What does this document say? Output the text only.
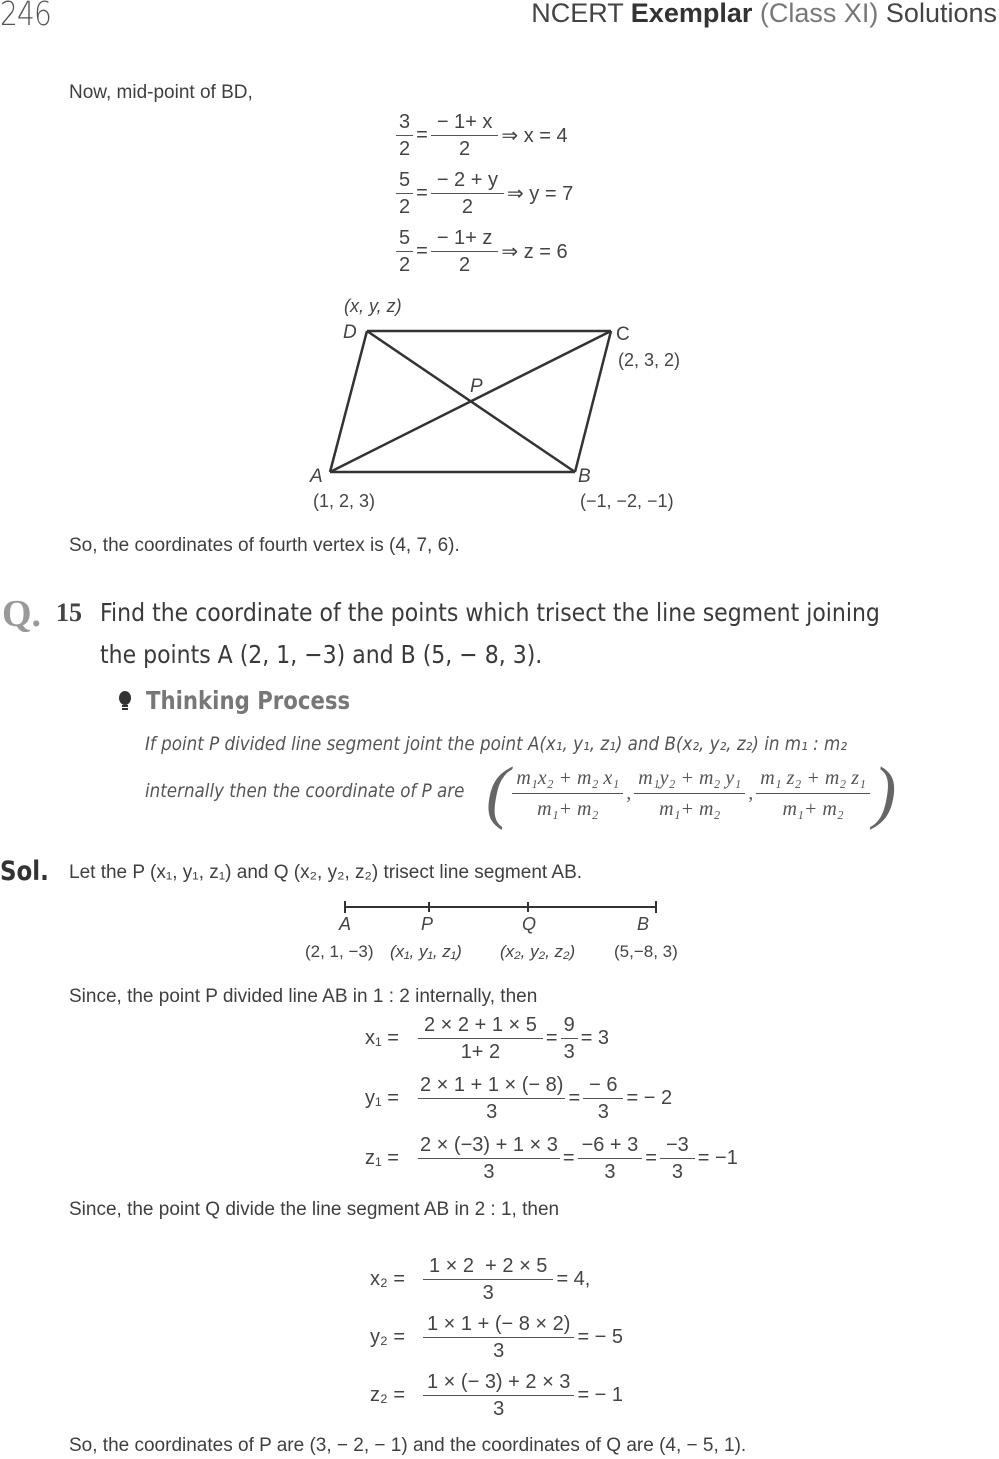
246	NCERT Exemplar (Class XI) Solutions
Now, mid-point of BD,
$\frac{3}{2} = \frac{- 1+ x}{2}$ ⇒ x = 4
$\frac{5}{2} = \frac{- 2 + y}{2}$ ⇒ y = 7
$\frac{5}{2} = \frac{- 1+ z}{2}$ ⇒ z = 6
(x, y, z)
D	C
(2, 3, 2)
P
A
(1, 2, 3)
B
(−1, −2, −1)
So, the coordinates of fourth vertex is (4, 7, 6).
Q. 15 Find the coordinate of the points which trisect the line segment joining
the points A (2, 1, −3) and B (5, − 8, 3).
Thinking Process
If point P divided line segment joint the point A(x₁, y₁, z₁) and B(x₂, y₂, z₂) in m₁ : m₂
internally then the coordinate of P are ( $\frac{\text{m₁x₂ + m₂ x₁}}{\text{m₁+ m₂}}$ , $\frac{\text{m₁y₂ + m₂ y₁}}{\text{m₁+ m₂}}$ , $\frac{\text{m₁ z₂ + m₂ z₁}}{\text{m₁+ m₂}}$ )
Sol. Let the P (x₁, y₁, z₁) and Q (x₂, y₂, z₂) trisect line segment AB.
A	P	Q	B
(2, 1, −3) (x₁, y₁, z₁) (x₂, y₂, z₂) (5,−8, 3)
Since, the point P divided line AB in 1 : 2 internally, then
$x_1 = \frac{2 \times 2 + 1 \times 5}{1+ 2} = \frac{9}{3} = 3$
$y_1 = \frac{2 \times 1 + 1 \times (- 8)}{3} = \frac{- 6}{3}$ = − 2
$z_1 = \frac{2 \times (-3) + 1 \times 3}{3} = \frac{-6 + 3}{3} = \frac{-3}{3} = -1$
Since, the point Q divide the line segment AB in 2 : 1, then
$x_2 = \frac{1 \times 2 + 2 \times 5}{3} = 4$,
$y_2 = \frac{1 \times 1 + (- 8 \times 2)}{3}$ = − 5
$z_2 = \frac{1 \times (- 3) + 2 \times 3}{3}$ = − 1
So, the coordinates of P are (3, − 2, − 1) and the coordinates of Q are (4, − 5, 1).
